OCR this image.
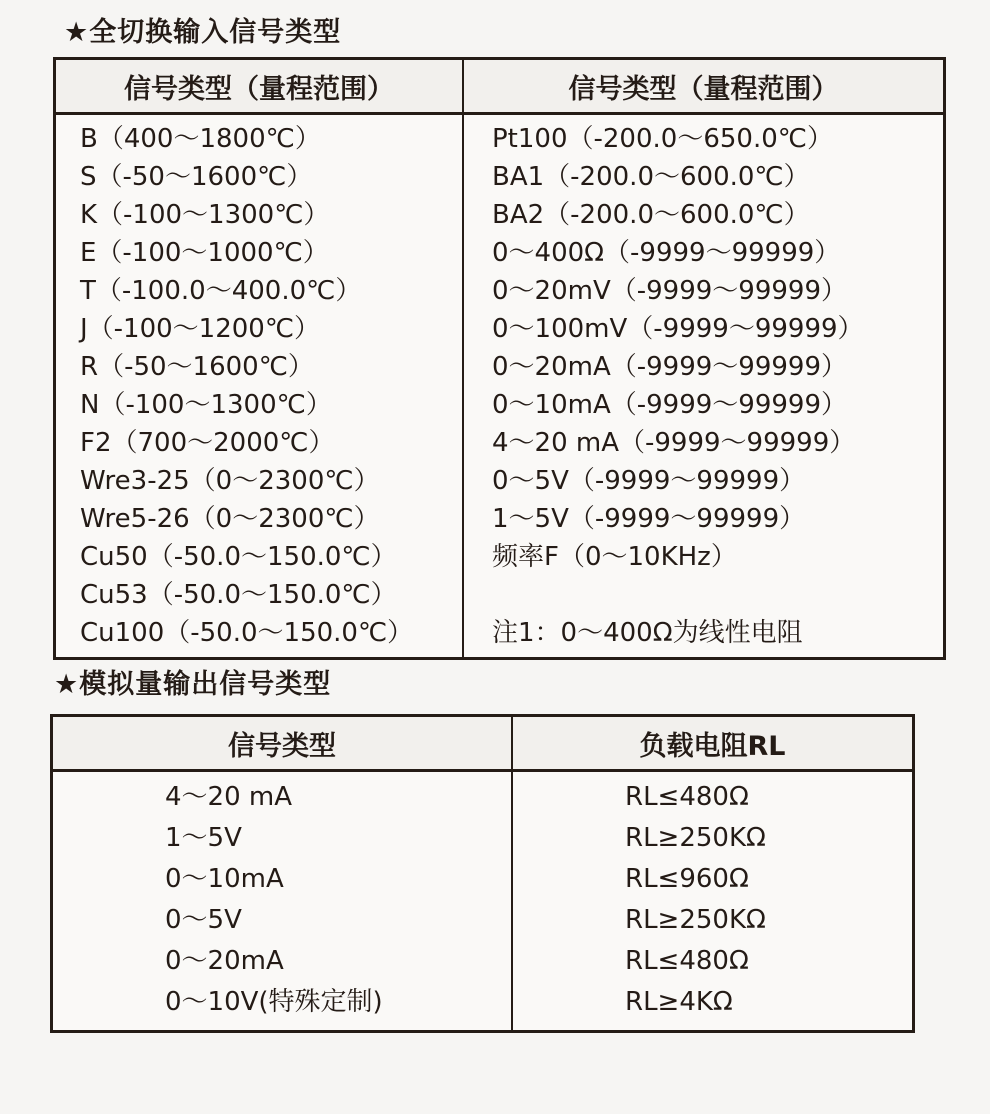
★全切换输入信号类型
信号类型（量程范围）	信号类型（量程范围）
B（400～1800℃）
S（-50～1600℃）
K（-100～1300℃）
E（-100～1000℃）
T（-100.0～400.0℃）
J（-100～1200℃）
R（-50～1600℃）
N（-100～1300℃）
F2（700～2000℃）
Wre3-25（0～2300℃）
Wre5-26（0～2300℃）
Cu50（-50.0～150.0℃）
Cu53（-50.0～150.0℃）
Cu100（-50.0～150.0℃）
Pt100（-200.0～650.0℃）
BA1（-200.0～600.0℃）
BA2（-200.0～600.0℃）
0～400Ω（-9999～99999）
0～20mV（-9999～99999）
0～100mV（-9999～99999）
0～20mA（-9999～99999）
0～10mA（-9999～99999）
4～20 mA（-9999～99999）
0～5V（-9999～99999）
1～5V（-9999～99999）
频率F（0～10KHz）
注1：0～400Ω为线性电阻
★模拟量输出信号类型
信号类型	负载电阻RL
4～20 mA
1～5V
0～10mA
0～5V
0～20mA
0～10V(特殊定制)
RL≤480Ω
RL≥250KΩ
RL≤960Ω
RL≥250KΩ
RL≤480Ω
RL≥4KΩ
